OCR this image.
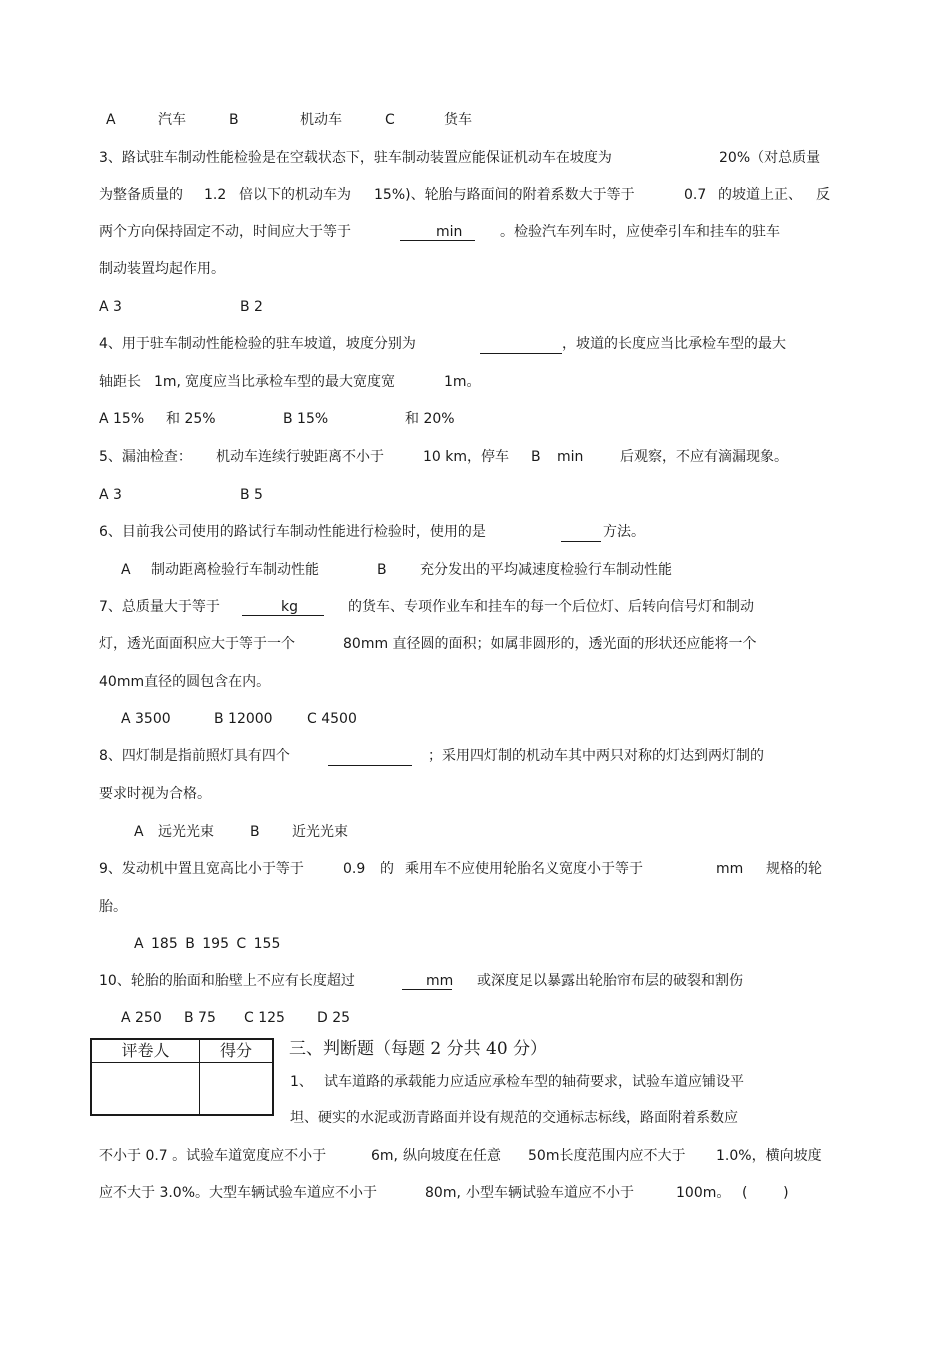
A	汽车	B	机动车	C	货车
3、路试驻车制动性能检验是在空载状态下，驻车制动装置应能保证机动车在坡度为	20%（对总质量
为整备质量的 1.2 倍以下的机动车为 15%)、轮胎与路面间的附着系数大于等于	0.7 的坡道上正、 反
两个方向保持固定不动，时间应大于等于	min	。检验汽车列车时，应使牵引车和挂车的驻车
制动装置均起作用。
A 3	B 2
4、用于驻车制动性能检验的驻车坡道，坡度分别为	，坡道的长度应当比承检车型的最大
轴距长 1m, 宽度应当比承检车型的最大宽度宽	1m。
A 15% 和 25%	B 15%	和 20%
5、漏油检查： 机动车连续行驶距离不小于	10 km，停车 B min	后观察，不应有滴漏现象。
A 3	B 5
6、目前我公司使用的路试行车制动性能进行检验时，使用的是	方法。
A 制动距离检验行车制动性能	B 充分发出的平均减速度检验行车制动性能
7、总质量大于等于	kg	的货车、专项作业车和挂车的每一个后位灯、后转向信号灯和制动
灯，透光面面积应大于等于一个	80mm 直径圆的面积；如属非圆形的，透光面的形状还应能将一个
40mm直径的圆包含在内。
A 3500	B 12000 C 4500
8、四灯制是指前照灯具有四个	；采用四灯制的机动车其中两只对称的灯达到两灯制的
要求时视为合格。
A 远光光束	B 近光光束
9、发动机中置且宽高比小于等于	0.9 的 乘用车不应使用轮胎名义宽度小于等于	mm 规格的轮
胎。
A 185 B 195 C 155
10、轮胎的胎面和胎壁上不应有长度超过	mm 或深度足以暴露出轮胎帘布层的破裂和割伤
A 250 B 75 C 125 D 25
评卷人	得分
	三、判断题（每题 2 分共 40 分）
1、 试车道路的承载能力应适应承检车型的轴荷要求，试验车道应铺设平
坦、硬实的水泥或沥青路面并设有规范的交通标志标线，路面附着系数应
不小于 0.7 。试验车道宽度应不小于	6m, 纵向坡度在任意 50m长度范围内应不大于 1.0%，横向坡度
应不大于 3.0%。大型车辆试验车道应不小于	80m, 小型车辆试验车道应不小于	100m。 (        )
